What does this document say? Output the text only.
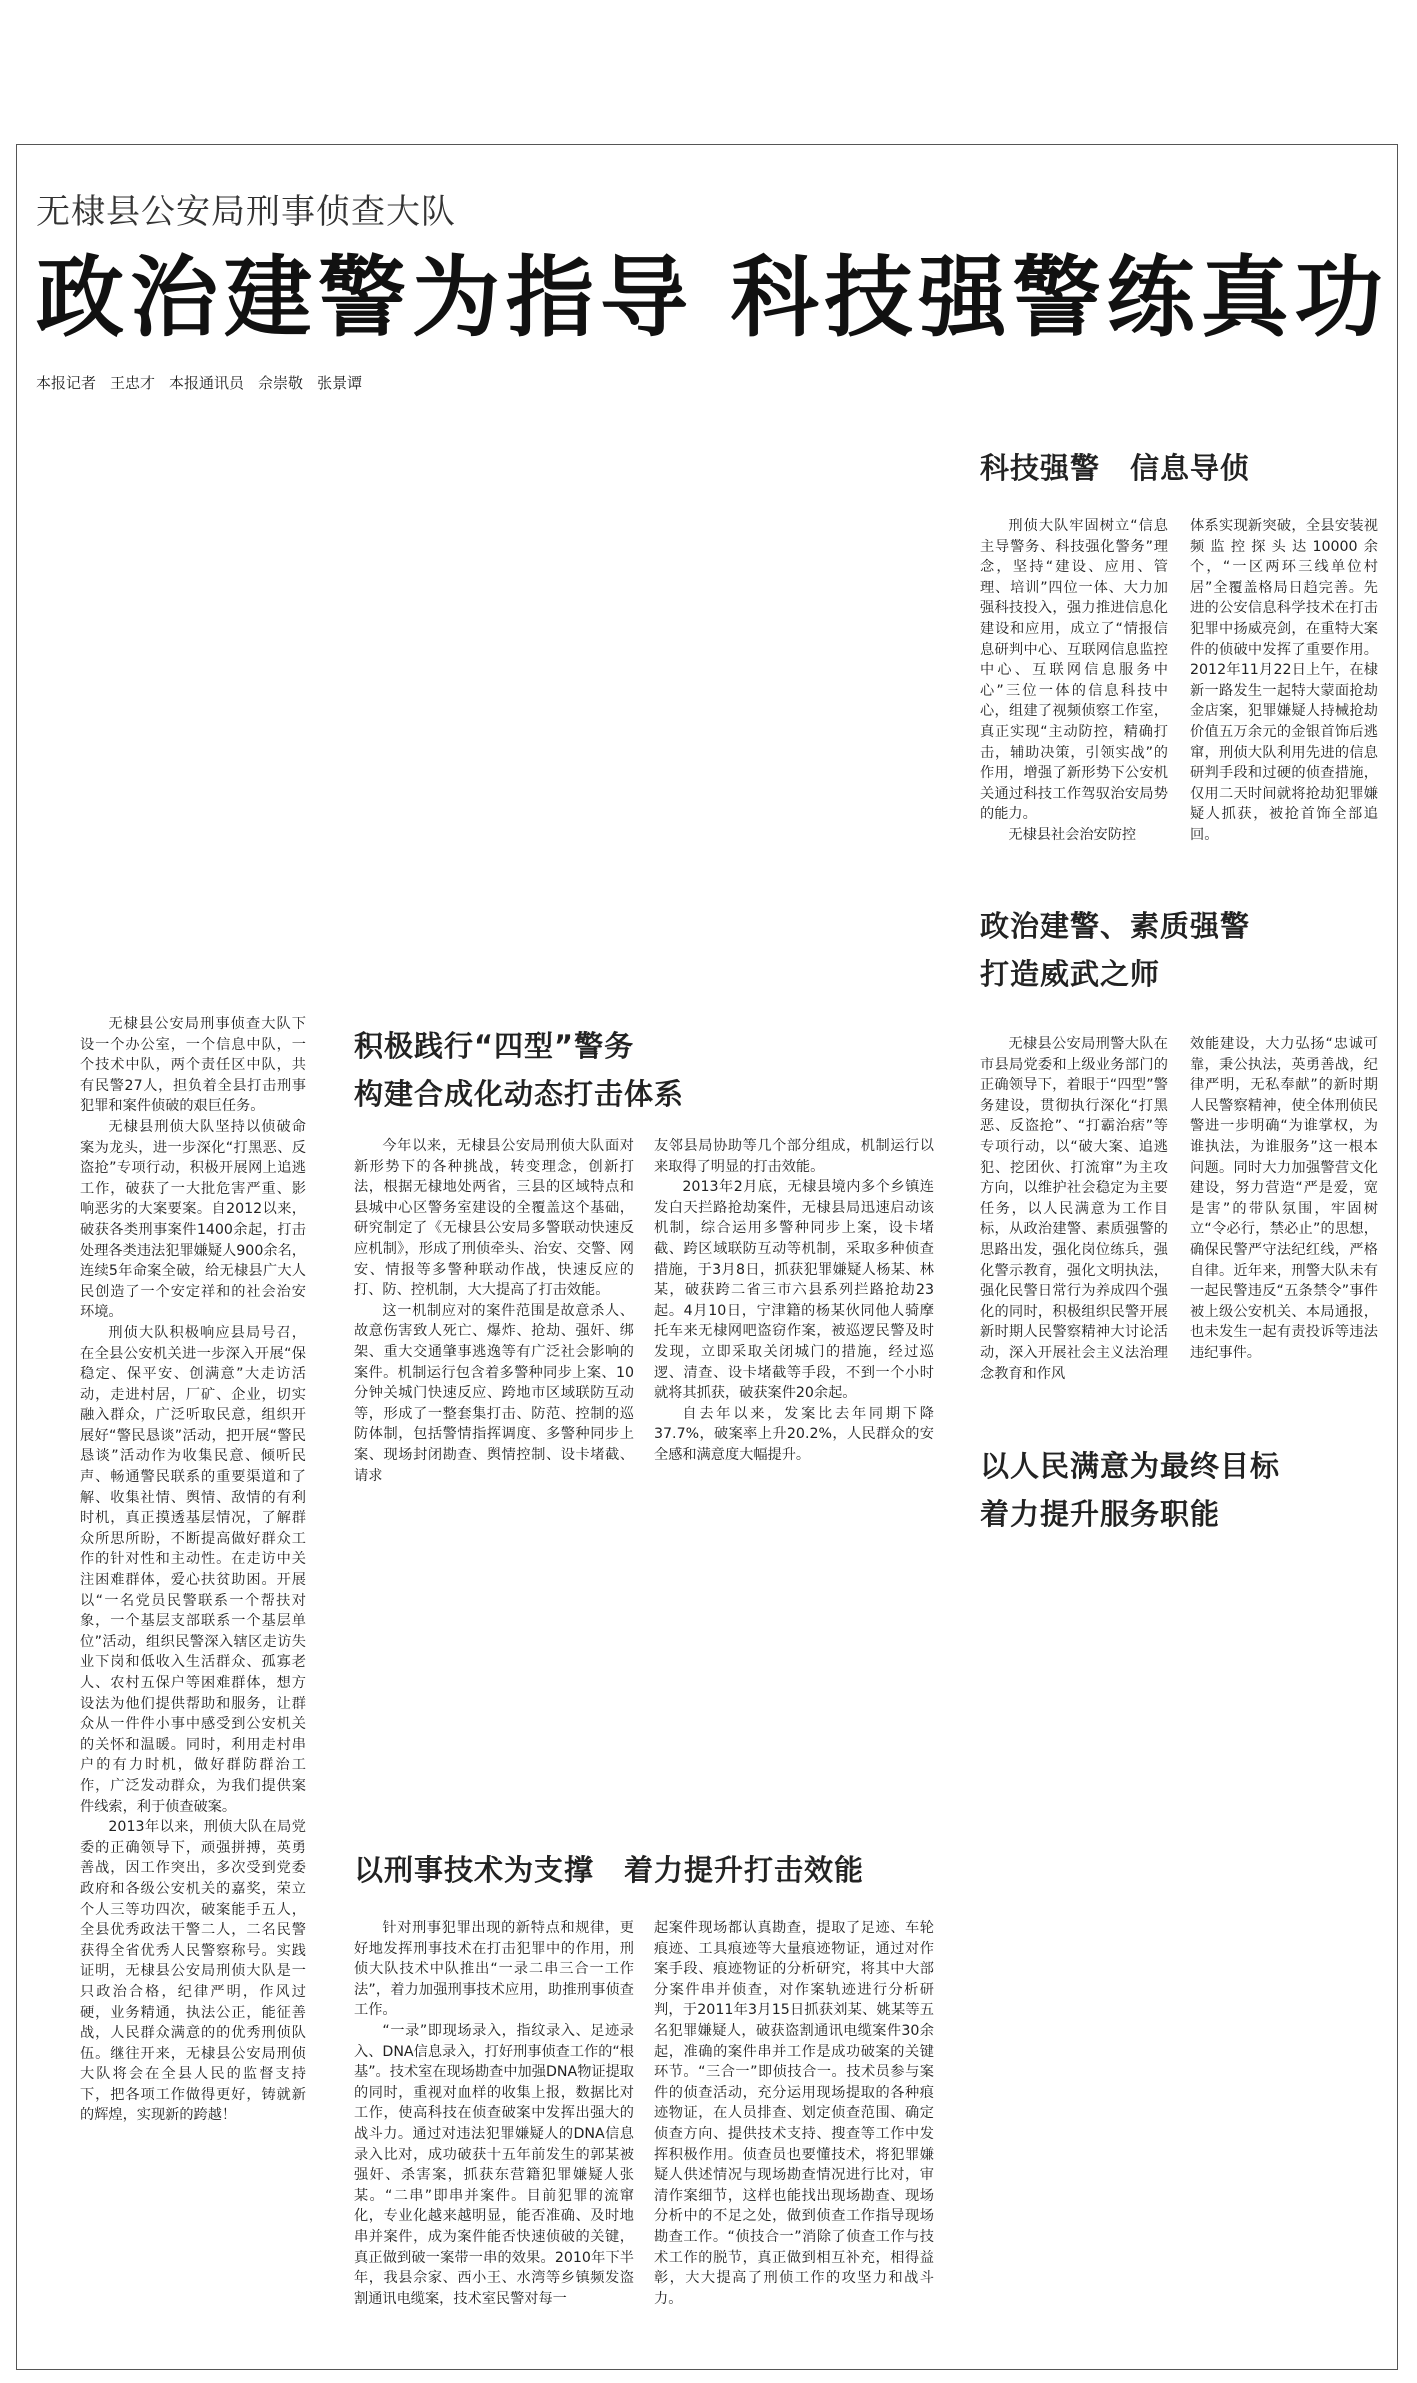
无棣县公安局刑事侦查大队
政治建警为指导 科技强警练真功
本报记者 王忠才 本报通讯员 佘崇敬 张景谭
科技强警　信息导侦

刑侦大队牢固树立“信息主导警务、科技强化警务”理念，坚持“建设、应用、管理、培训”四位一体、大力加强科技投入，强力推进信息化建设和应用，成立了“情报信息研判中心、互联网信息监控中心、互联网信息服务中心”三位一体的信息科技中心，组建了视频侦察工作室，真正实现“主动防控，精确打击，辅助决策，引领实战”的作用，增强了新形势下公安机关通过科技工作驾驭治安局势的能力。

无棣县社会治安防控

体系实现新突破，全县安装视频监控探头达10000余个，“一区两环三线单位村居”全覆盖格局日趋完善。先进的公安信息科学技术在打击犯罪中扬威亮剑，在重特大案件的侦破中发挥了重要作用。2012年11月22日上午，在棣新一路发生一起特大蒙面抢劫金店案，犯罪嫌疑人持械抢劫价值五万余元的金银首饰后逃窜，刑侦大队利用先进的信息研判手段和过硬的侦查措施，仅用二天时间就将抢劫犯罪嫌疑人抓获，被抢首饰全部追回。

政治建警、素质强警
打造威武之师

无棣县公安局刑警大队在市县局党委和上级业务部门的正确领导下，着眼于“四型”警务建设，贯彻执行深化“打黑恶、反盗抢”、“打霸治痞”等专项行动，以“破大案、追逃犯、挖团伙、打流窜”为主攻方向，以维护社会稳定为主要任务，以人民满意为工作目标，从政治建警、素质强警的思路出发，强化岗位练兵，强化警示教育，强化文明执法，强化民警日常行为养成四个强化的同时，积极组织民警开展新时期人民警察精神大讨论活动，深入开展社会主义法治理念教育和作风

效能建设，大力弘扬“忠诚可靠，秉公执法，英勇善战，纪律严明，无私奉献”的新时期人民警察精神，使全体刑侦民警进一步明确“为谁掌权，为谁执法，为谁服务”这一根本问题。同时大力加强警营文化建设，努力营造“严是爱，宽是害”的带队氛围，牢固树立“令必行，禁必止”的思想，确保民警严守法纪红线，严格自律。近年来，刑警大队未有一起民警违反“五条禁令”事件被上级公安机关、本局通报，也未发生一起有责投诉等违法违纪事件。

以人民满意为最终目标
着力提升服务职能

无棣县公安局刑事侦查大队下设一个办公室，一个信息中队，一个技术中队，两个责任区中队，共有民警27人，担负着全县打击刑事犯罪和案件侦破的艰巨任务。

无棣县刑侦大队坚持以侦破命案为龙头，进一步深化“打黑恶、反盗抢”专项行动，积极开展网上追逃工作，破获了一大批危害严重、影响恶劣的大案要案。自2012以来，破获各类刑事案件1400余起，打击处理各类违法犯罪嫌疑人900余名，连续5年命案全破，给无棣县广大人民创造了一个安定祥和的社会治安环境。

刑侦大队积极响应县局号召，在全县公安机关进一步深入开展“保稳定、保平安、创满意”大走访活动，走进村居，厂矿、企业，切实融入群众，广泛听取民意，组织开展好“警民恳谈”活动，把开展“警民恳谈”活动作为收集民意、倾听民声、畅通警民联系的重要渠道和了解、收集社情、舆情、敌情的有利时机，真正摸透基层情况，了解群众所思所盼，不断提高做好群众工作的针对性和主动性。在走访中关注困难群体，爱心扶贫助困。开展以“一名党员民警联系一个帮扶对象，一个基层支部联系一个基层单位”活动，组织民警深入辖区走访失业下岗和低收入生活群众、孤寡老人、农村五保户等困难群体，想方设法为他们提供帮助和服务，让群众从一件件小事中感受到公安机关的关怀和温暖。同时，利用走村串户的有力时机，做好群防群治工作，广泛发动群众，为我们提供案件线索，利于侦查破案。

2013年以来，刑侦大队在局党委的正确领导下，顽强拼搏，英勇善战，因工作突出，多次受到党委政府和各级公安机关的嘉奖，荣立个人三等功四次，破案能手五人，全县优秀政法干警二人，二名民警获得全省优秀人民警察称号。实践证明，无棣县公安局刑侦大队是一只政治合格，纪律严明，作风过硬，业务精通，执法公正，能征善战，人民群众满意的的优秀刑侦队伍。继往开来，无棣县公安局刑侦大队将会在全县人民的监督支持下，把各项工作做得更好，铸就新的辉煌，实现新的跨越！

积极践行“四型”警务
构建合成化动态打击体系

今年以来，无棣县公安局刑侦大队面对新形势下的各种挑战，转变理念，创新打法，根据无棣地处两省，三县的区域特点和县城中心区警务室建设的全覆盖这个基础，研究制定了《无棣县公安局多警联动快速反应机制》，形成了刑侦牵头、治安、交警、网安、情报等多警种联动作战，快速反应的打、防、控机制，大大提高了打击效能。

这一机制应对的案件范围是故意杀人、故意伤害致人死亡、爆炸、抢劫、强奸、绑架、重大交通肇事逃逸等有广泛社会影响的案件。机制运行包含着多警种同步上案、10分钟关城门快速反应、跨地市区域联防互动等，形成了一整套集打击、防范、控制的巡防体制，包括警情指挥调度、多警种同步上案、现场封闭勘查、舆情控制、设卡堵截、请求

友邻县局协助等几个部分组成，机制运行以来取得了明显的打击效能。

2013年2月底，无棣县境内多个乡镇连发白天拦路抢劫案件，无棣县局迅速启动该机制，综合运用多警种同步上案，设卡堵截、跨区域联防互动等机制，采取多种侦查措施，于3月8日，抓获犯罪嫌疑人杨某、林某，破获跨二省三市六县系列拦路抢劫23起。4月10日，宁津籍的杨某伙同他人骑摩托车来无棣网吧盗窃作案，被巡逻民警及时发现，立即采取关闭城门的措施，经过巡逻、清查、设卡堵截等手段，不到一个小时就将其抓获，破获案件20余起。

自去年以来，发案比去年同期下降37.7%，破案率上升20.2%，人民群众的安全感和满意度大幅提升。

以刑事技术为支撑　着力提升打击效能

针对刑事犯罪出现的新特点和规律，更好地发挥刑事技术在打击犯罪中的作用，刑侦大队技术中队推出“一录二串三合一工作法”，着力加强刑事技术应用，助推刑事侦查工作。

“一录”即现场录入，指纹录入、足迹录入、DNA信息录入，打好刑事侦查工作的“根基”。技术室在现场勘查中加强DNA物证提取的同时，重视对血样的收集上报，数据比对工作，使高科技在侦查破案中发挥出强大的战斗力。通过对违法犯罪嫌疑人的DNA信息录入比对，成功破获十五年前发生的郭某被强奸、杀害案，抓获东营籍犯罪嫌疑人张某。“二串”即串并案件。目前犯罪的流窜化，专业化越来越明显，能否准确、及时地串并案件，成为案件能否快速侦破的关键，真正做到破一案带一串的效果。2010年下半年，我县佘家、西小王、水湾等乡镇频发盗割通讯电缆案，技术室民警对每一

起案件现场都认真勘查，提取了足迹、车轮痕迹、工具痕迹等大量痕迹物证，通过对作案手段、痕迹物证的分析研究，将其中大部分案件串并侦查，对作案轨迹进行分析研判，于2011年3月15日抓获刘某、姚某等五名犯罪嫌疑人，破获盗割通讯电缆案件30余起，准确的案件串并工作是成功破案的关键环节。“三合一”即侦技合一。技术员参与案件的侦查活动，充分运用现场提取的各种痕迹物证，在人员排查、划定侦查范围、确定侦查方向、提供技术支持、搜查等工作中发挥积极作用。侦查员也要懂技术，将犯罪嫌疑人供述情况与现场勘查情况进行比对，审清作案细节，这样也能找出现场勘查、现场分析中的不足之处，做到侦查工作指导现场勘查工作。“侦技合一”消除了侦查工作与技术工作的脱节，真正做到相互补充，相得益彰，大大提高了刑侦工作的攻坚力和战斗力。
